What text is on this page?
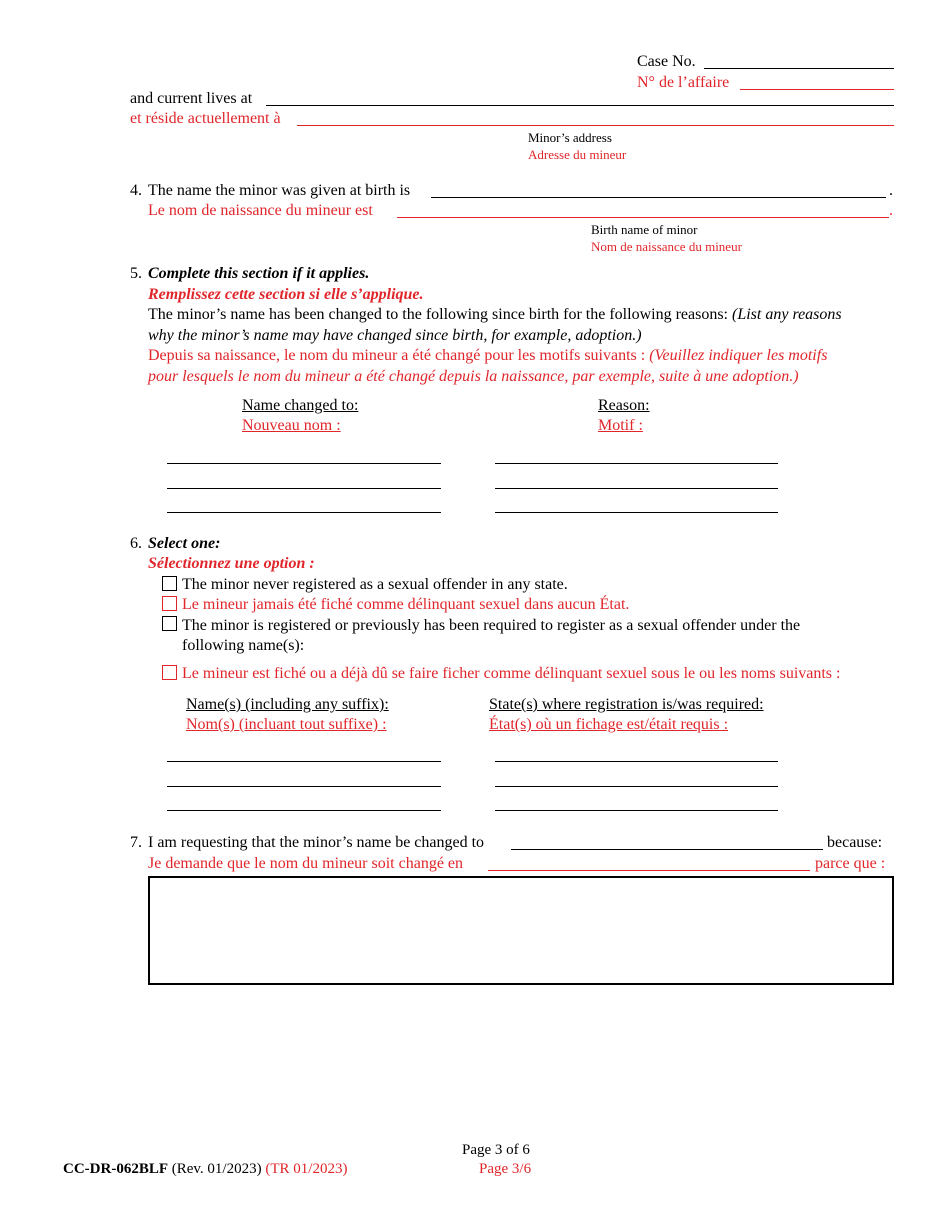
Case No.
N° de l’affaire
and current lives at
et réside actuellement à
Minor’s address
Adresse du mineur
4. The name the minor was given at birth is	.
Le nom de naissance du mineur est	.
Birth name of minor
Nom de naissance du mineur
5. Complete this section if it applies.
Remplissez cette section si elle s’applique.
The minor’s name has been changed to the following since birth for the following reasons: (List any reasons
why the minor’s name may have changed since birth, for example, adoption.)
Depuis sa naissance, le nom du mineur a été changé pour les motifs suivants : (Veuillez indiquer les motifs
pour lesquels le nom du mineur a été changé depuis la naissance, par exemple, suite à une adoption.)
Name changed to:
Nouveau nom :
Reason:
Motif :
6. Select one:
Sélectionnez une option :
The minor never registered as a sexual offender in any state.
Le mineur jamais été fiché comme délinquant sexuel dans aucun État.
The minor is registered or previously has been required to register as a sexual offender under the
following name(s):
Le mineur est fiché ou a déjà dû se faire ficher comme délinquant sexuel sous le ou les noms suivants :
Name(s) (including any suffix):
Nom(s) (incluant tout suffixe) :
State(s) where registration is/was required:
État(s) où un fichage est/était requis :
7. I am requesting that the minor’s name be changed to	because:
Je demande que le nom du mineur soit changé en	parce que :
Page 3 of 6
Page 3/6
CC-DR-062BLF (Rev. 01/2023) (TR 01/2023)
